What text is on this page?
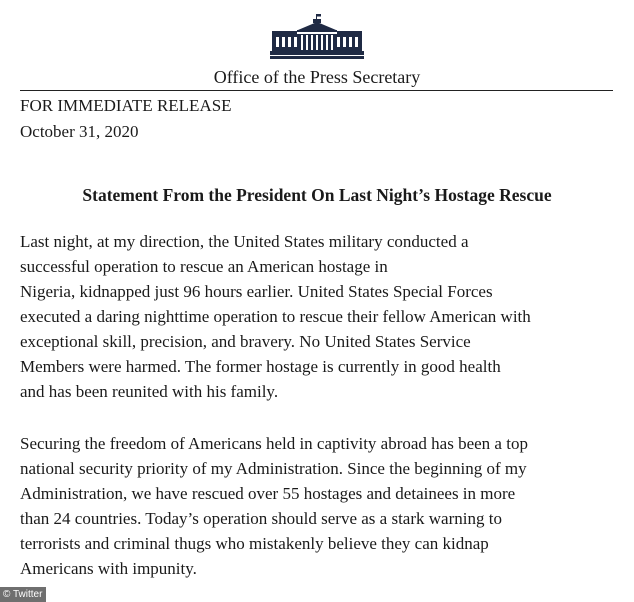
Office of the Press Secretary
FOR IMMEDIATE RELEASE
October 31, 2020
Statement From the President On Last Night’s Hostage Rescue
Last night, at my direction, the United States military conducted a
successful operation to rescue an American hostage in
Nigeria, kidnapped just 96 hours earlier. United States Special Forces
executed a daring nighttime operation to rescue their fellow American with
exceptional skill, precision, and bravery. No United States Service
Members were harmed. The former hostage is currently in good health
and has been reunited with his family.
Securing the freedom of Americans held in captivity abroad has been a top
national security priority of my Administration. Since the beginning of my
Administration, we have rescued over 55 hostages and detainees in more
than 24 countries. Today’s operation should serve as a stark warning to
terrorists and criminal thugs who mistakenly believe they can kidnap
Americans with impunity.
© Twitter
